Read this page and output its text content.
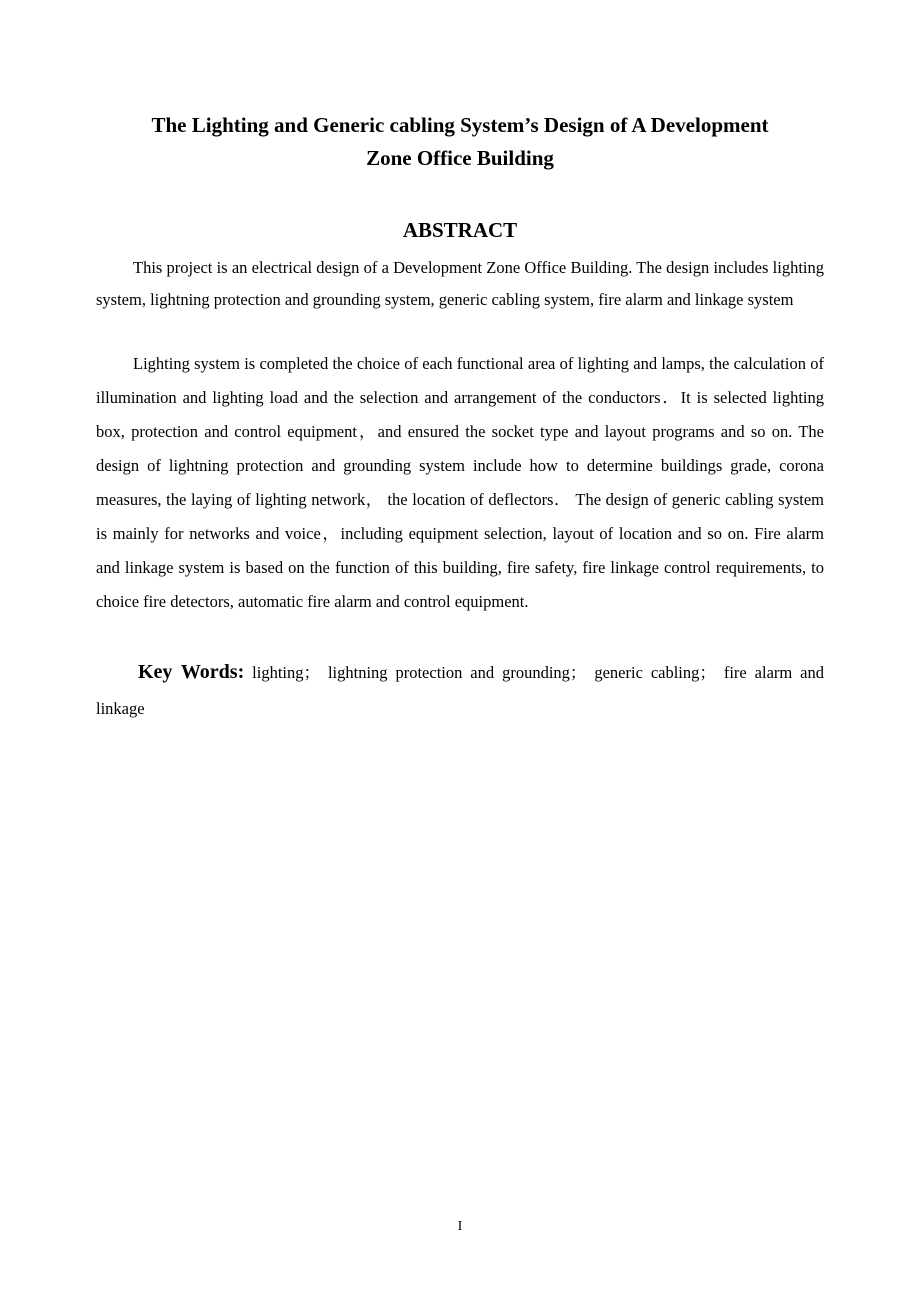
The Lighting and Generic cabling System’s Design of A Development
Zone Office Building
ABSTRACT

This project is an electrical design of a Development Zone Office Building. The design includes lighting system, lightning protection and grounding system, generic cabling system, fire alarm and linkage system

Lighting system is completed the choice of each functional area of lighting and lamps, the calculation of illumination and lighting load and the selection and arrangement of the conductors．It is selected lighting box, protection and control equipment，and ensured the socket type and layout programs and so on. The design of lightning protection and grounding system include how to determine buildings grade, corona measures, the laying of lighting network， the location of deflectors． The design of generic cabling system is mainly for networks and voice，including equipment selection, layout of location and so on. Fire alarm and linkage system is based on the function of this building, fire safety, fire linkage control requirements, to choice fire detectors, automatic fire alarm and control equipment.

Key Words: lighting； lightning protection and grounding； generic cabling； fire alarm and linkage

I
